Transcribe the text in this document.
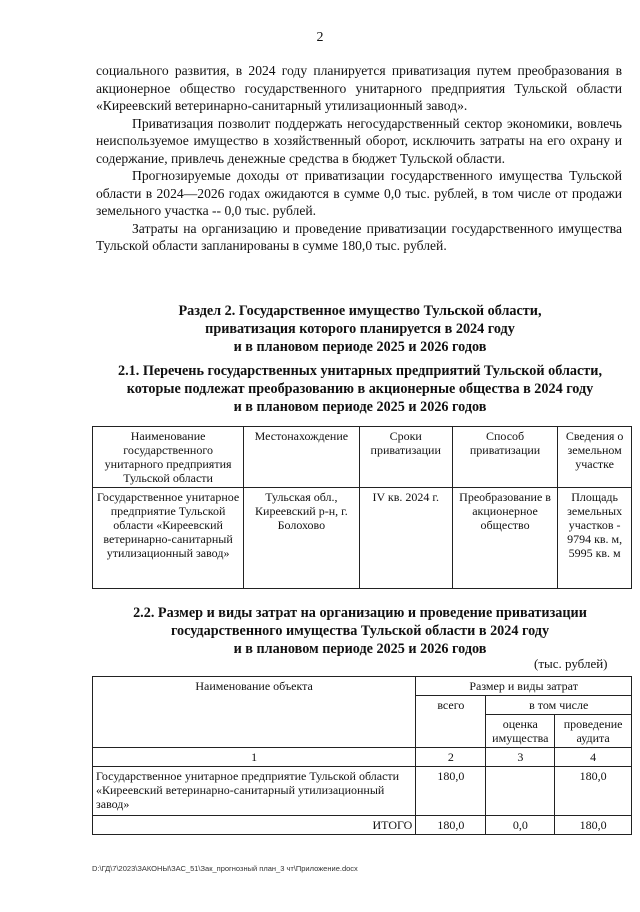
2

социального развития, в 2024 году планируется приватизация путем преобразования в акционерное общество государственного унитарного предприятия Тульской области «Киреевский ветеринарно-санитарный утилизационный завод».

Приватизация позволит поддержать негосударственный сектор экономики, вовлечь неиспользуемое имущество в хозяйственный оборот, исключить затраты на его охрану и содержание, привлечь денежные средства в бюджет Тульской области.

Прогнозируемые доходы от приватизации государственного имущества Тульской области в 2024—2026 годах ожидаются в сумме 0,0 тыс. рублей, в том числе от продажи земельного участка -- 0,0 тыс. рублей.

Затраты на организацию и проведение приватизации государственного имущества Тульской области запланированы в сумме 180,0 тыс. рублей.

Раздел 2. Государственное имущество Тульской области,
приватизация которого планируется в 2024 году
и в плановом периоде 2025 и 2026 годов
2.1. Перечень государственных унитарных предприятий Тульской области,
которые подлежат преобразованию в акционерные общества в 2024 году
и в плановом периоде 2025 и 2026 годов
Наименование государственного унитарного предприятия Тульской области	Местонахождение	Сроки приватизации	Способ приватизации	Сведения о земельном участке
Государственное унитарное предприятие Тульской области «Киреевский ветеринарно-санитарный утилизационный завод»	Тульская обл., Киреевский р-н, г. Болохово	IV кв. 2024 г.	Преобразование в акционерное общество	Площадь земельных участков - 9794 кв. м, 5995 кв. м
2.2. Размер и виды затрат на организацию и проведение приватизации
государственного имущества Тульской области в 2024 году
и в плановом периоде 2025 и 2026 годов
(тыс. рублей)
Наименование объекта	Размер и виды затрат		
	всего	в том числе	
		оценка имущества	проведение аудита
1	2	3	4
Государственное унитарное предприятие Тульской области «Киреевский ветеринарно-санитарный утилизационный завод»	180,0		180,0
ИТОГО	180,0	0,0	180,0
D:\ГД\7\2023\ЗАКОНЫ\ЗАС_51\Зак_прогнозный план_3 чт\Приложение.docx
